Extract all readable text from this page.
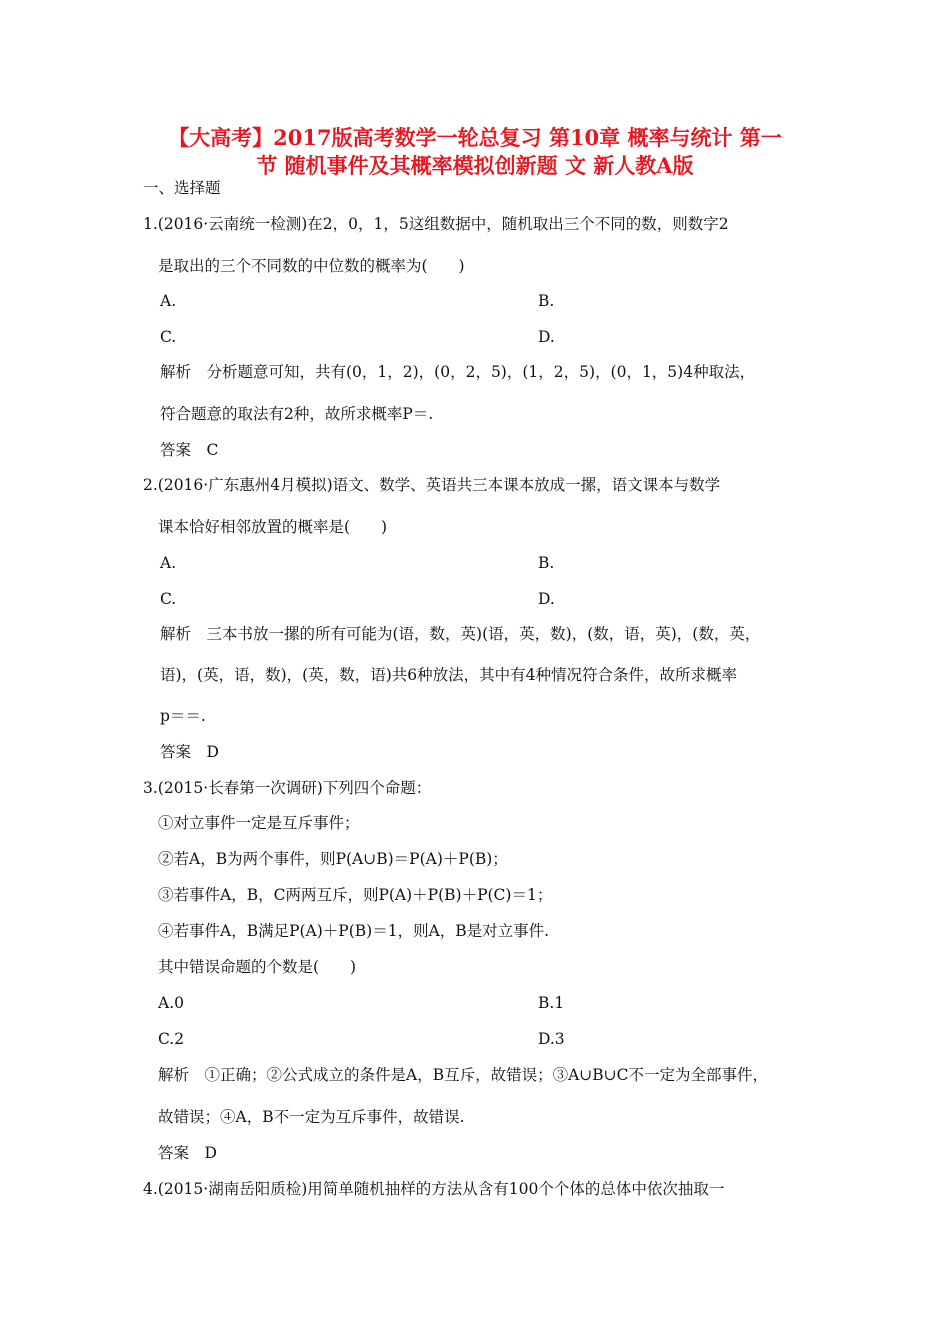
【大高考】2017版高考数学一轮总复习 第10章 概率与统计 第一
节 随机事件及其概率模拟创新题 文 新人教A版
一、选择题
1.(2016·云南统一检测)在2，0，1，5这组数据中，随机取出三个不同的数，则数字2
是取出的三个不同数的中位数的概率为(　　)
A.	B.
C.	D.
解析　分析题意可知，共有(0，1，2)，(0，2，5)，(1，2，5)，(0，1，5)4种取法，
符合题意的取法有2种，故所求概率P＝.
答案　C
2.(2016·广东惠州4月模拟)语文、数学、英语共三本课本放成一摞，语文课本与数学
课本恰好相邻放置的概率是(　　)
A.	B.
C.	D.
解析　三本书放一摞的所有可能为(语，数，英)(语，英，数)，(数，语，英)，(数，英，
语)，(英，语，数)，(英，数，语)共6种放法，其中有4种情况符合条件，故所求概率
p＝＝.
答案　D
3.(2015·长春第一次调研)下列四个命题：
①对立事件一定是互斥事件；
②若A，B为两个事件，则P(A∪B)＝P(A)＋P(B)；
③若事件A，B，C两两互斥，则P(A)＋P(B)＋P(C)＝1；
④若事件A，B满足P(A)＋P(B)＝1，则A，B是对立事件.
其中错误命题的个数是(　　)
A.0	B.1
C.2	D.3
解析　①正确；②公式成立的条件是A，B互斥，故错误；③A∪B∪C不一定为全部事件，
故错误；④A，B不一定为互斥事件，故错误.
答案　D
4.(2015·湖南岳阳质检)用简单随机抽样的方法从含有100个个体的总体中依次抽取一
